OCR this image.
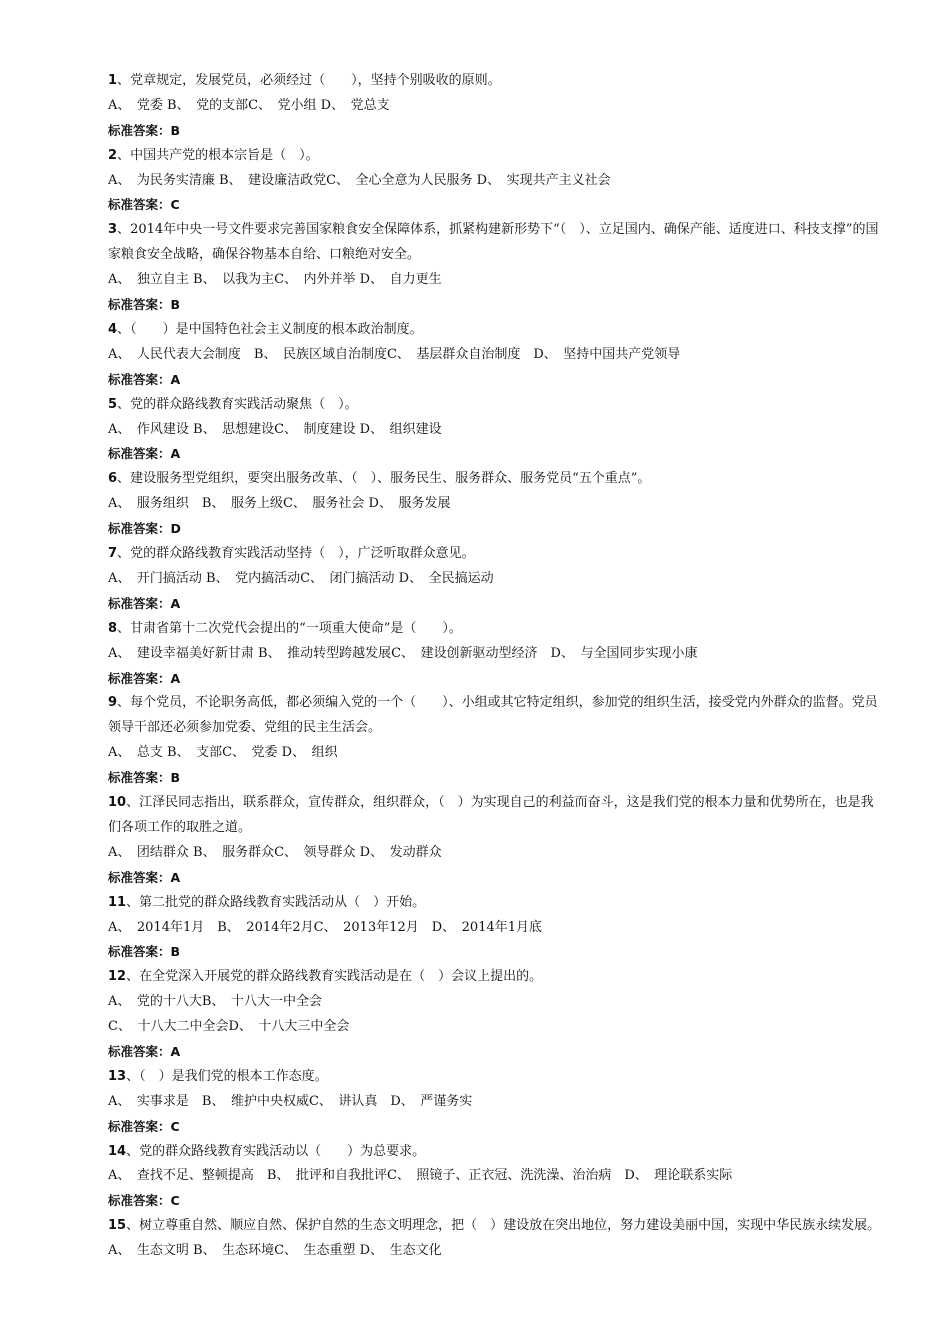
1、党章规定，发展党员，必须经过（　　），坚持个别吸收的原则。
A、　党委 B、　党的支部C、　党小组 D、　党总支
标准答案：B
2、中国共产党的根本宗旨是（　）。
A、　为民务实清廉 B、　建设廉洁政党C、　全心全意为人民服务 D、　实现共产主义社会
标准答案：C
3、2014年中央一号文件要求完善国家粮食安全保障体系，抓紧构建新形势下“（　）、立足国内、确保产能、适度进口、科技支撑”的国家粮食安全战略，确保谷物基本自给、口粮绝对安全。
A、　独立自主 B、　以我为主C、　内外并举 D、　自力更生
标准答案：B
4、（　　）是中国特色社会主义制度的根本政治制度。
A、　人民代表大会制度　B、　民族区域自治制度C、　基层群众自治制度　D、　坚持中国共产党领导
标准答案：A
5、党的群众路线教育实践活动聚焦（　）。
A、　作风建设 B、　思想建设C、　制度建设 D、　组织建设
标准答案：A
6、建设服务型党组织，要突出服务改革、（　）、服务民生、服务群众、服务党员“五个重点”。
A、　服务组织　B、　服务上级C、　服务社会 D、　服务发展
标准答案：D
7、党的群众路线教育实践活动坚持（　），广泛听取群众意见。
A、　开门搞活动 B、　党内搞活动C、　闭门搞活动 D、　全民搞运动
标准答案：A
8、甘肃省第十二次党代会提出的“一项重大使命”是（　　）。
A、　建设幸福美好新甘肃 B、　推动转型跨越发展C、　建设创新驱动型经济　D、　与全国同步实现小康
标准答案：A
9、每个党员，不论职务高低，都必须编入党的一个（　　）、小组或其它特定组织，参加党的组织生活，接受党内外群众的监督。党员领导干部还必须参加党委、党组的民主生活会。
A、　总支 B、　支部C、　党委 D、　组织
标准答案：B
10、江泽民同志指出，联系群众，宣传群众，组织群众，（　）为实现自己的利益而奋斗，这是我们党的根本力量和优势所在，也是我们各项工作的取胜之道。
A、　团结群众 B、　服务群众C、　领导群众 D、　发动群众
标准答案：A
11、第二批党的群众路线教育实践活动从（　）开始。
A、　2014年1月　B、　2014年2月C、　2013年12月　D、　2014年1月底
标准答案：B
12、在全党深入开展党的群众路线教育实践活动是在（　）会议上提出的。
A、　党的十八大B、　十八大一中全会
C、　十八大二中全会D、　十八大三中全会
标准答案：A
13、（　）是我们党的根本工作态度。
A、　实事求是　B、　维护中央权威C、　讲认真　D、　严谨务实
标准答案：C
14、党的群众路线教育实践活动以（　　）为总要求。
A、　查找不足、整顿提高　B、　批评和自我批评C、　照镜子、正衣冠、洗洗澡、治治病　D、　理论联系实际
标准答案：C
15、树立尊重自然、顺应自然、保护自然的生态文明理念，把（　）建设放在突出地位，努力建设美丽中国，实现中华民族永续发展。
A、　生态文明 B、　生态环境C、　生态重塑 D、　生态文化
